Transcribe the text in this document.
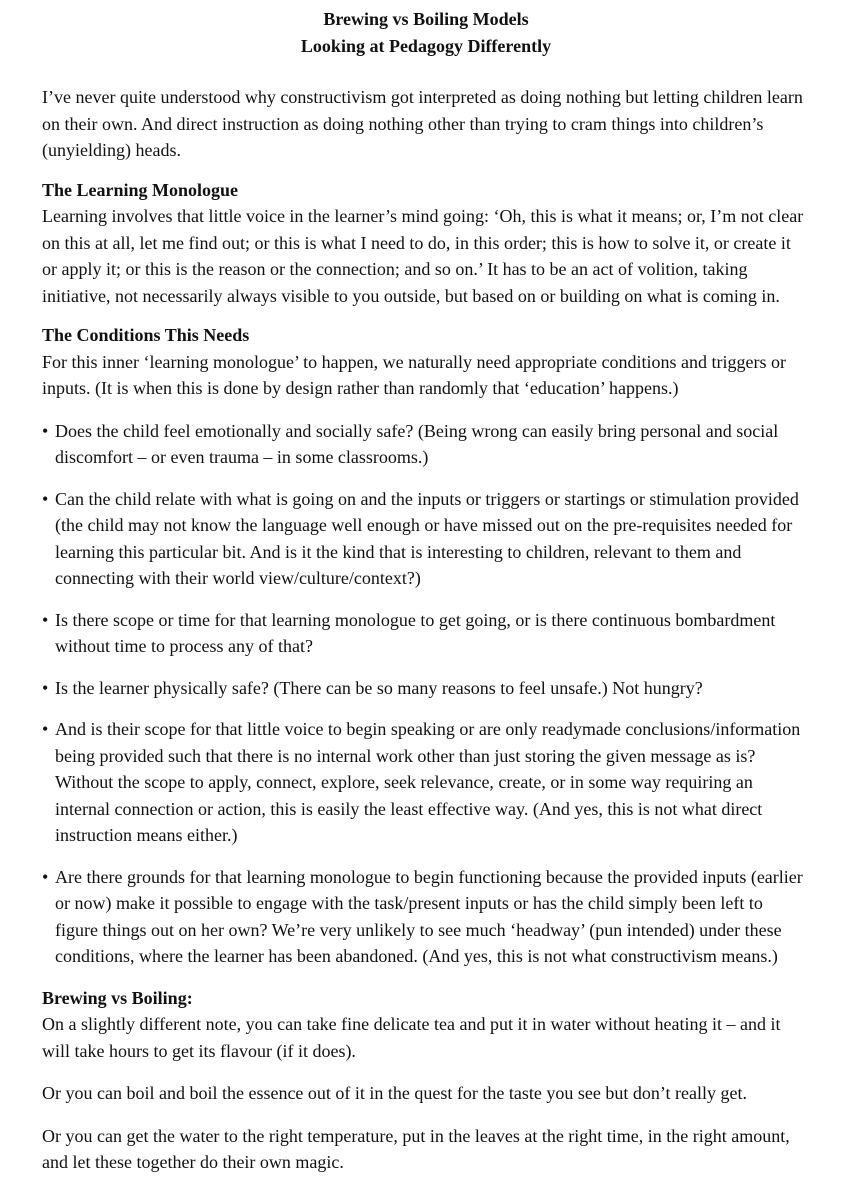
Brewing vs Boiling Models
Looking at Pedagogy Differently

I’ve never quite understood why constructivism got interpreted as doing nothing but letting children learn on their own. And direct instruction as doing nothing other than trying to cram things into children’s (unyielding) heads.

The Learning Monologue

Learning involves that little voice in the learner’s mind going: ‘Oh, this is what it means; or, I’m not clear on this at all, let me find out; or this is what I need to do, in this order; this is how to solve it, or create it or apply it; or this is the reason or the connection; and so on.’ It has to be an act of volition, taking initiative, not necessarily always visible to you outside, but based on or building on what is coming in.

The Conditions This Needs

For this inner ‘learning monologue’ to happen, we naturally need appropriate conditions and triggers or inputs. (It is when this is done by design rather than randomly that ‘education’ happens.)

• Does the child feel emotionally and socially safe? (Being wrong can easily bring personal and social discomfort – or even trauma – in some classrooms.)
• Can the child relate with what is going on and the inputs or triggers or startings or stimulation provided (the child may not know the language well enough or have missed out on the pre-requisites needed for learning this particular bit. And is it the kind that is interesting to children, relevant to them and connecting with their world view/culture/context?)
• Is there scope or time for that learning monologue to get going, or is there continuous bombardment without time to process any of that?
• Is the learner physically safe? (There can be so many reasons to feel unsafe.) Not hungry?
• And is their scope for that little voice to begin speaking or are only readymade conclusions/information being provided such that there is no internal work other than just storing the given message as is? Without the scope to apply, connect, explore, seek relevance, create, or in some way requiring an internal connection or action, this is easily the least effective way. (And yes, this is not what direct instruction means either.)
• Are there grounds for that learning monologue to begin functioning because the provided inputs (earlier or now) make it possible to engage with the task/present inputs or has the child simply been left to figure things out on her own? We’re very unlikely to see much ‘headway’ (pun intended) under these conditions, where the learner has been abandoned. (And yes, this is not what constructivism means.)
Brewing vs Boiling:

On a slightly different note, you can take fine delicate tea and put it in water without heating it – and it will take hours to get its flavour (if it does).

Or you can boil and boil the essence out of it in the quest for the taste you see but don’t really get.

Or you can get the water to the right temperature, put in the leaves at the right time, in the right amount, and let these together do their own magic.
